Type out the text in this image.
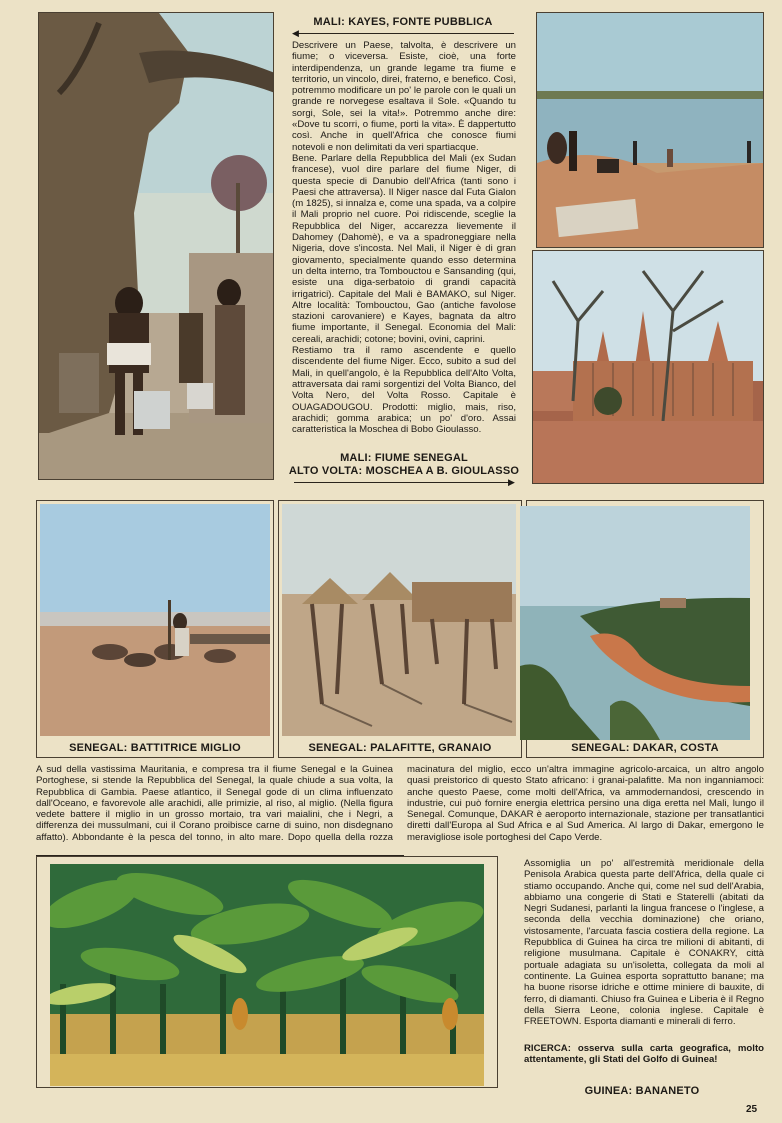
MALI: KAYES, FONTE PUBBLICA
◀

Descrivere un Paese, talvolta, è descrivere un fiume; o viceversa. Esiste, cioè, una forte interdipendenza, un grande legame tra fiume e territorio, un vincolo, direi, fraterno, e benefico. Così, potremmo modificare un po' le parole con le quali un grande re norvegese esaltava il Sole. «Quando tu sorgi, Sole, sei la vita!». Potremmo anche dire: «Dove tu scorri, o fiume, porti la vita». È dappertutto così. Anche in quell'Africa che conosce fiumi notevoli e non delimitati da veri spartiacque.

Bene. Parlare della Repubblica del Mali (ex Sudan francese), vuol dire parlare del fiume Niger, di questa specie di Danubio dell'Africa (tanti sono i Paesi che attraversa). Il Niger nasce dal Futa Gialon (m 1825), si innalza e, come una spada, va a colpire il Mali proprio nel cuore. Poi ridiscende, sceglie la Repubblica del Niger, accarezza lievemente il Dahomey (Dahomè), e va a spadroneggiare nella Nigeria, dove s'incosta. Nel Mali, il Niger è di gran giovamento, specialmente quando esso determina un delta interno, tra Tombouctou e Sansanding (qui, esiste una diga-serbatoio di grandi capacità irrigatrici). Capitale del Mali è BAMAKO, sul Niger. Altre località: Tombouctou, Gao (antiche favolose stazioni carovaniere) e Kayes, bagnata da altro fiume importante, il Senegal. Economia del Mali: cereali, arachidi; cotone; bovini, ovini, caprini.

Restiamo tra il ramo ascendente e quello discendente del fiume Niger. Ecco, subito a sud del Mali, in quell'angolo, è la Repubblica dell'Alto Volta, attraversata dai rami sorgentizi del Volta Bianco, del Volta Nero, del Volta Rosso. Capitale è OUAGADOUGOU. Prodotti: miglio, mais, riso, arachidi; gomma arabica; un po' d'oro. Assai caratteristica la Moschea di Bobo Gioulasso.

MALI: FIUME SENEGAL
ALTO VOLTA: MOSCHEA A B. GIOULASSO
▶
SENEGAL: BATTITRICE MIGLIO	SENEGAL: PALAFITTE, GRANAIO	SENEGAL: DAKAR, COSTA
A sud della vastissima Mauritania, e compresa tra il fiume Senegal e la Guinea Portoghese, si stende la Repubblica del Senegal, la quale chiude a sua volta, la Repubblica di Gambia. Paese atlantico, il Senegal gode di un clima influenzato dall'Oceano, e favorevole alle arachidi, alle primizie, al riso, al miglio. (Nella figura vedete battere il miglio in un grosso mortaio, tra vari maialini, che i Negri, a differenza dei mussulmani, cui il Corano proibisce carne di suino, non disdegnano affatto). Abbondante è la pesca del tonno, in alto mare. Dopo quella della rozza macinatura del miglio, ecco un'altra immagine agricolo-arcaica, un altro angolo quasi preistorico di questo Stato africano: i granai-palafitte. Ma non inganniamoci: anche questo Paese, come molti dell'Africa, va ammodernandosi, crescendo in industrie, cui può fornire energia elettrica persino una diga eretta nel Mali, lungo il Senegal. Comunque, DAKAR è aeroporto internazionale, stazione per transatlantici diretti dall'Europa al Sud Africa e al Sud America. Al largo di Dakar, emergono le meravigliose isole portoghesi del Capo Verde.
Assomiglia un po' all'estremità meridionale della Penisola Arabica questa parte dell'Africa, della quale ci stiamo occupando. Anche qui, come nel sud dell'Arabia, abbiamo una congerie di Stati e Staterelli (abitati da Negri Sudanesi, parlanti la lingua francese o l'inglese, a seconda della vecchia dominazione) che oriano, vistosamente, l'arcuata fascia costiera della regione. La Repubblica di Guinea ha circa tre milioni di abitanti, di religione musulmana. Capitale è CONAKRY, città portuale adagiata su un'isoletta, collegata da moli al continente. La Guinea esporta soprattutto banane; ma ha buone risorse idriche e ottime miniere di bauxite, di ferro, di diamanti. Chiuso fra Guinea e Liberia è il Regno della Sierra Leone, colonia inglese. Capitale è FREETOWN. Esporta diamanti e minerali di ferro.
RICERCA: osserva sulla carta geografica, molto attentamente, gli Stati del Golfo di Guinea!
GUINEA: BANANETO
25
